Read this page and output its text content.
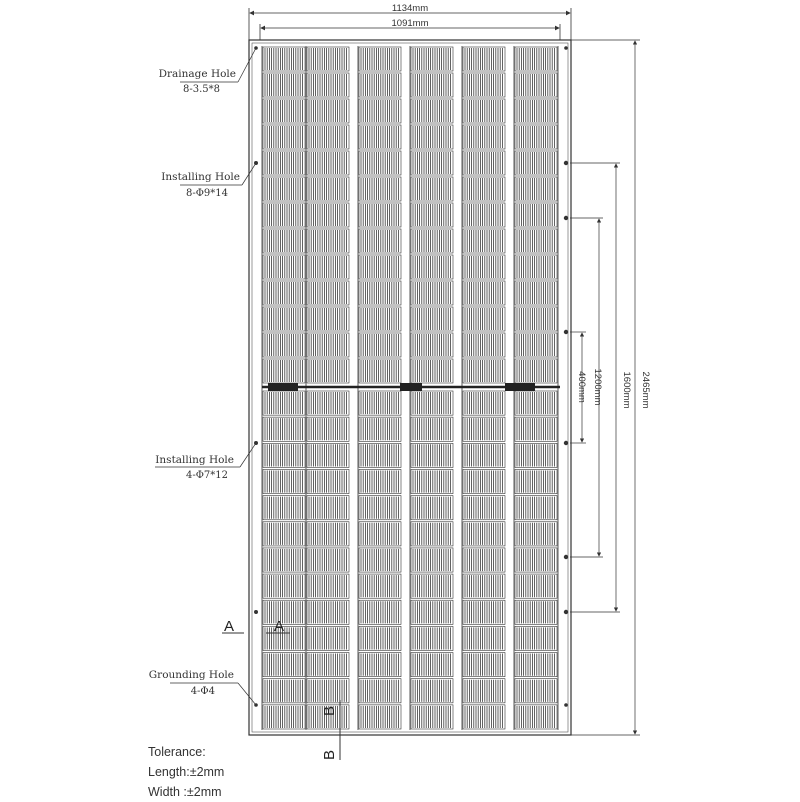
1134mm
1091mm
1600mm
1200mm
400mm	2465mm
Drainage Hole
8-3.5*8
Installing Hole
8-Φ9*14
Installing Hole
4-Φ7*12
Grounding Hole
4-Φ4
A	A
B
B
Tolerance:
Length:±2mm
Width :±2mm
